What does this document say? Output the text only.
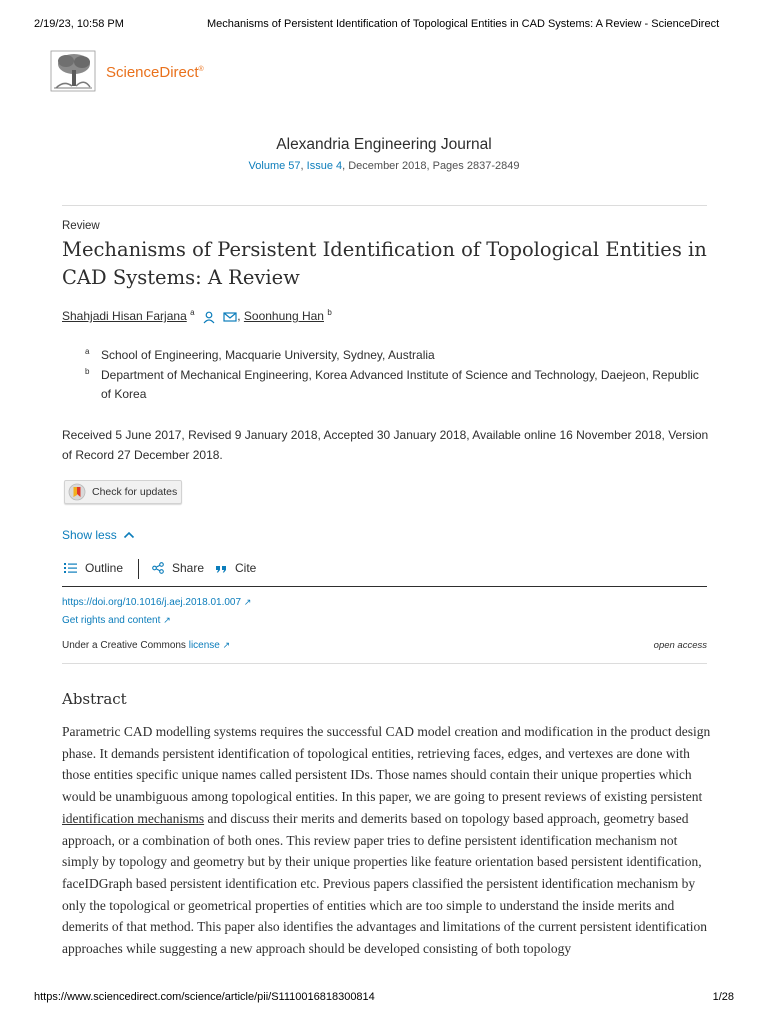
2/19/23, 10:58 PM	Mechanisms of Persistent Identification of Topological Entities in CAD Systems: A Review - ScienceDirect
ScienceDirect®
Alexandria Engineering Journal
Volume 57, Issue 4, December 2018, Pages 2837-2849
Review
Mechanisms of Persistent Identification of Topological Entities in CAD Systems: A Review
Shahjadi Hisan Farjana $^a$	, Soonhung Han $^b$
a School of Engineering, Macquarie University, Sydney, Australia
b Department of Mechanical Engineering, Korea Advanced Institute of Science and Technology, Daejeon, Republic of Korea
Received 5 June 2017, Revised 9 January 2018, Accepted 30 January 2018, Available online 16 November 2018, Version of Record 27 December 2018.
Check for updates
Show less
Outline	Share	Cite
https://doi.org/10.1016/j.aej.2018.01.007 ↗
Get rights and content ↗
Under a Creative Commons license ↗	open access
Abstract

Parametric CAD modelling systems requires the successful CAD model creation and modification in the product design phase. It demands persistent identification of topological entities, retrieving faces, edges, and vertexes are done with those entities specific unique names called persistent IDs. Those names should contain their unique properties which would be unambiguous among topological entities. In this paper, we are going to present reviews of existing persistent identification mechanisms and discuss their merits and demerits based on topology based approach, geometry based approach, or a combination of both ones. This review paper tries to define persistent identification mechanism not simply by topology and geometry but by their unique properties like feature orientation based persistent identification, faceIDGraph based persistent identification etc. Previous papers classified the persistent identification mechanism by only the topological or geometrical properties of entities which are too simple to understand the inside merits and demerits of that method. This paper also identifies the advantages and limitations of the current persistent identification approaches while suggesting a new approach should be developed consisting of both topology

https://www.sciencedirect.com/science/article/pii/S1110016818300814	1/28
